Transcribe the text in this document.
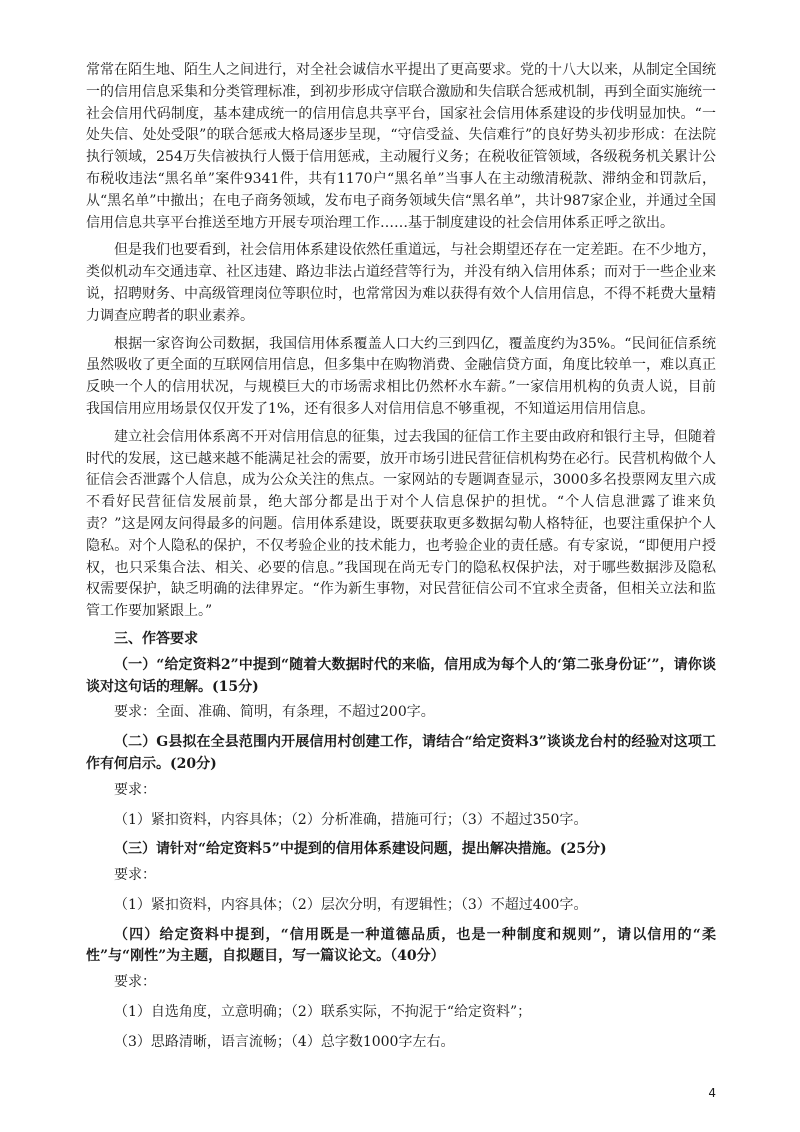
常常在陌生地、陌生人之间进行，对全社会诚信水平提出了更高要求。党的十八大以来，从制定全国统一的信用信息采集和分类管理标准，到初步形成守信联合激励和失信联合惩戒机制，再到全面实施统一社会信用代码制度，基本建成统一的信用信息共享平台，国家社会信用体系建设的步伐明显加快。“一处失信、处处受限”的联合惩戒大格局逐步呈现，“守信受益、失信难行”的良好势头初步形成：在法院执行领域，254万失信被执行人慑于信用惩戒，主动履行义务；在税收征管领域，各级税务机关累计公布税收违法“黑名单”案件9341件，共有1170户“黑名单”当事人在主动缴清税款、滞纳金和罚款后，从“黑名单”中撤出；在电子商务领域，发布电子商务领域失信“黑名单”，共计987家企业，并通过全国信用信息共享平台推送至地方开展专项治理工作……基于制度建设的社会信用体系正呼之欲出。

但是我们也要看到，社会信用体系建设依然任重道远，与社会期望还存在一定差距。在不少地方，类似机动车交通违章、社区违建、路边非法占道经营等行为，并没有纳入信用体系；而对于一些企业来说，招聘财务、中高级管理岗位等职位时，也常常因为难以获得有效个人信用信息，不得不耗费大量精力调查应聘者的职业素养。

根据一家咨询公司数据，我国信用体系覆盖人口大约三到四亿，覆盖度约为35%。“民间征信系统虽然吸收了更全面的互联网信用信息，但多集中在购物消费、金融信贷方面，角度比较单一，难以真正反映一个人的信用状况，与规模巨大的市场需求相比仍然杯水车薪。”一家信用机构的负责人说，目前我国信用应用场景仅仅开发了1%，还有很多人对信用信息不够重视，不知道运用信用信息。

建立社会信用体系离不开对信用信息的征集，过去我国的征信工作主要由政府和银行主导，但随着时代的发展，这已越来越不能满足社会的需要，放开市场引进民营征信机构势在必行。民营机构做个人征信会否泄露个人信息，成为公众关注的焦点。一家网站的专题调查显示，3000多名投票网友里六成不看好民营征信发展前景，绝大部分都是出于对个人信息保护的担忧。“个人信息泄露了谁来负责？”这是网友问得最多的问题。信用体系建设，既要获取更多数据勾勒人格特征，也要注重保护个人隐私。对个人隐私的保护，不仅考验企业的技术能力，也考验企业的责任感。有专家说，“即便用户授权，也只采集合法、相关、必要的信息。”我国现在尚无专门的隐私权保护法，对于哪些数据涉及隐私权需要保护，缺乏明确的法律界定。“作为新生事物，对民营征信公司不宜求全责备，但相关立法和监管工作要加紧跟上。”

三、作答要求

（一）“给定资料2”中提到“随着大数据时代的来临，信用成为每个人的‘第二张身份证’”，请你谈谈对这句话的理解。(15分)

要求：全面、准确、简明，有条理，不超过200字。

（二）G县拟在全县范围内开展信用村创建工作，请结合“给定资料3”谈谈龙台村的经验对这项工作有何启示。(20分)

要求：

（1）紧扣资料，内容具体；（2）分析准确，措施可行；（3）不超过350字。

（三）请针对“给定资料5”中提到的信用体系建设问题，提出解决措施。(25分)

要求：

（1）紧扣资料，内容具体；（2）层次分明，有逻辑性；（3）不超过400字。

（四）给定资料中提到，“信用既是一种道德品质，也是一种制度和规则”，请以信用的“柔性”与“刚性”为主题，自拟题目，写一篇议论文。（40分）

要求：

（1）自选角度，立意明确；（2）联系实际，不拘泥于“给定资料”；

（3）思路清晰，语言流畅；（4）总字数1000字左右。

4
